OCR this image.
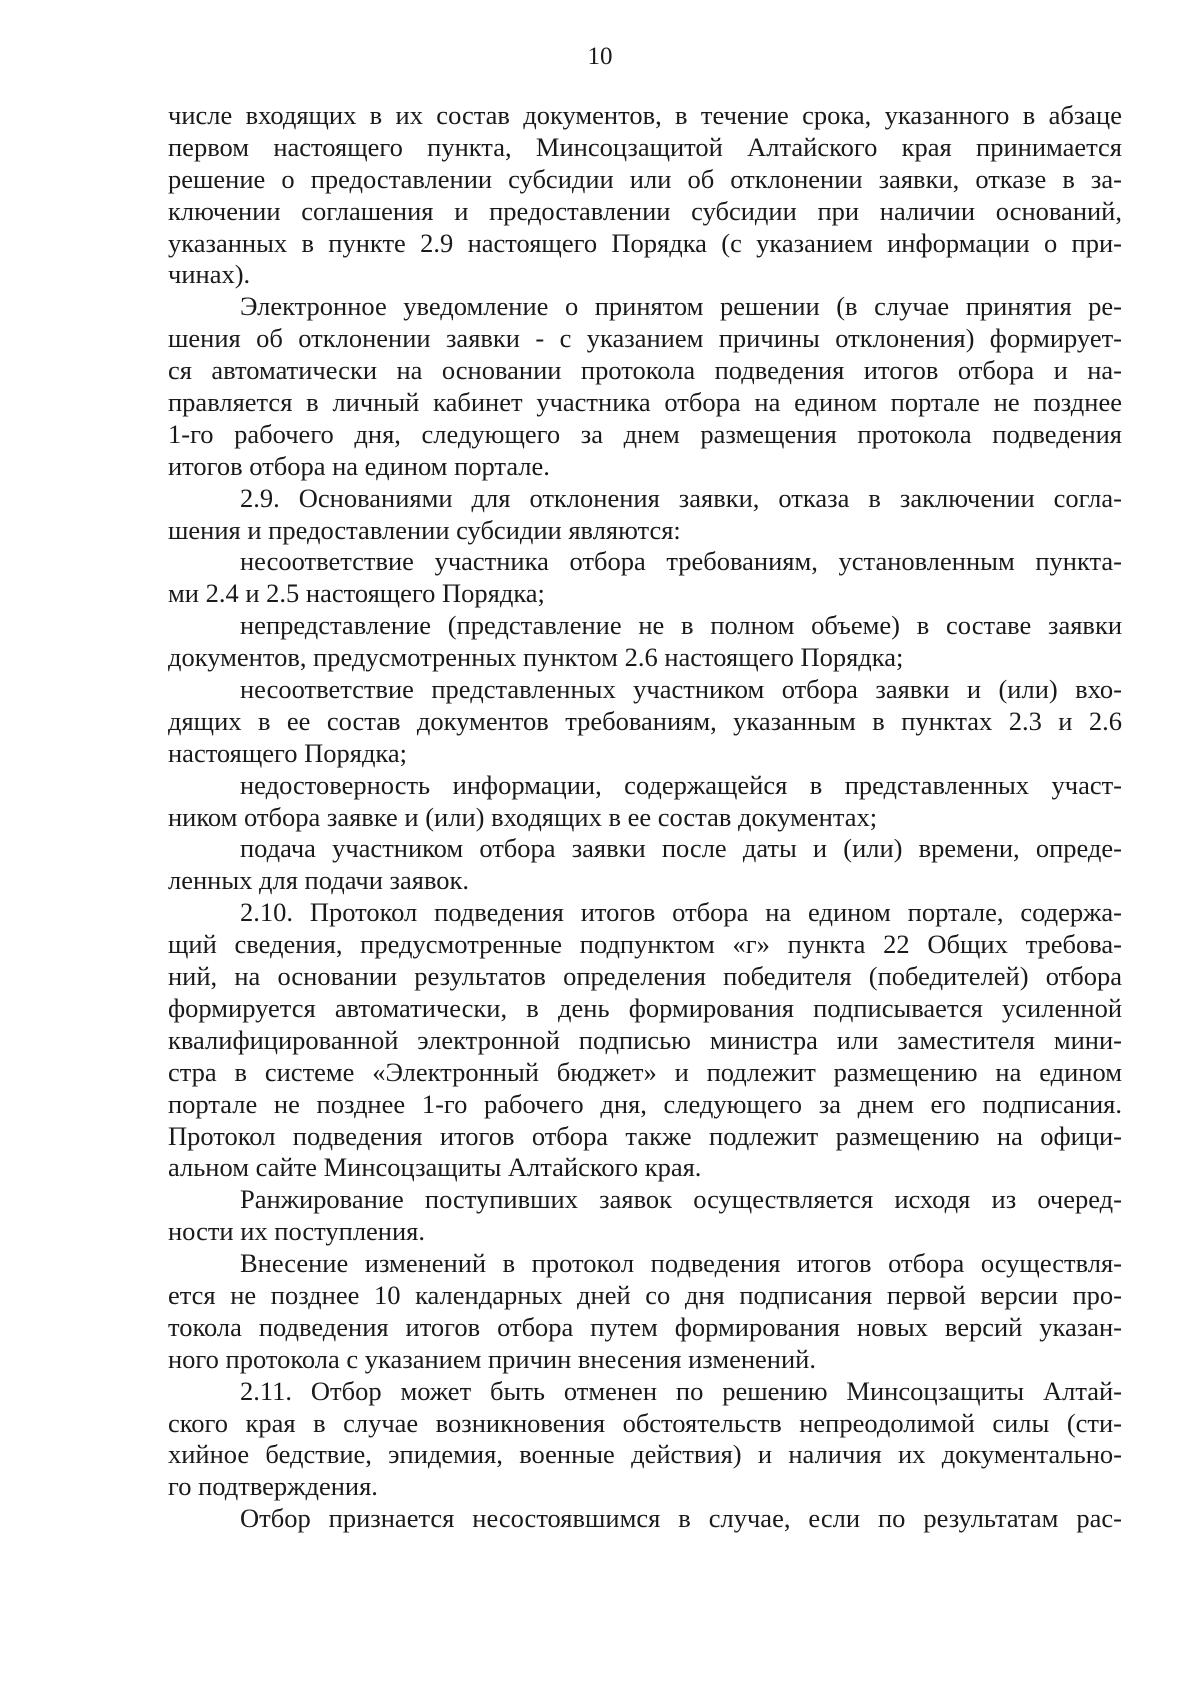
10
числе входящих в их состав документов, в течение срока, указанного в абзаце
первом настоящего пункта, Минсоцзащитой Алтайского края принимается
решение о предоставлении субсидии или об отклонении заявки, отказе в за-
ключении соглашения и предоставлении субсидии при наличии оснований,
указанных в пункте 2.9 настоящего Порядка (с указанием информации о при-
чинах).
Электронное уведомление о принятом решении (в случае принятия ре-
шения об отклонении заявки - с указанием причины отклонения) формирует-
ся автоматически на основании протокола подведения итогов отбора и на-
правляется в личный кабинет участника отбора на едином портале не позднее
1-го рабочего дня, следующего за днем размещения протокола подведения
итогов отбора на едином портале.
2.9. Основаниями для отклонения заявки, отказа в заключении согла-
шения и предоставлении субсидии являются:
несоответствие участника отбора требованиям, установленным пункта-
ми 2.4 и 2.5 настоящего Порядка;
непредставление (представление не в полном объеме) в составе заявки
документов, предусмотренных пунктом 2.6 настоящего Порядка;
несоответствие представленных участником отбора заявки и (или) вхо-
дящих в ее состав документов требованиям, указанным в пунктах 2.3 и 2.6
настоящего Порядка;
недостоверность информации, содержащейся в представленных участ-
ником отбора заявке и (или) входящих в ее состав документах;
подача участником отбора заявки после даты и (или) времени, опреде-
ленных для подачи заявок.
2.10. Протокол подведения итогов отбора на едином портале, содержа-
щий сведения, предусмотренные подпунктом «г» пункта 22 Общих требова-
ний, на основании результатов определения победителя (победителей) отбора
формируется автоматически, в день формирования подписывается усиленной
квалифицированной электронной подписью министра или заместителя мини-
стра в системе «Электронный бюджет» и подлежит размещению на едином
портале не позднее 1-го рабочего дня, следующего за днем его подписания.
Протокол подведения итогов отбора также подлежит размещению на офици-
альном сайте Минсоцзащиты Алтайского края.
Ранжирование поступивших заявок осуществляется исходя из очеред-
ности их поступления.
Внесение изменений в протокол подведения итогов отбора осуществля-
ется не позднее 10 календарных дней со дня подписания первой версии про-
токола подведения итогов отбора путем формирования новых версий указан-
ного протокола с указанием причин внесения изменений.
2.11. Отбор может быть отменен по решению Минсоцзащиты Алтай-
ского края в случае возникновения обстоятельств непреодолимой силы (сти-
хийное бедствие, эпидемия, военные действия) и наличия их документально-
го подтверждения.
Отбор признается несостоявшимся в случае, если по результатам рас-
